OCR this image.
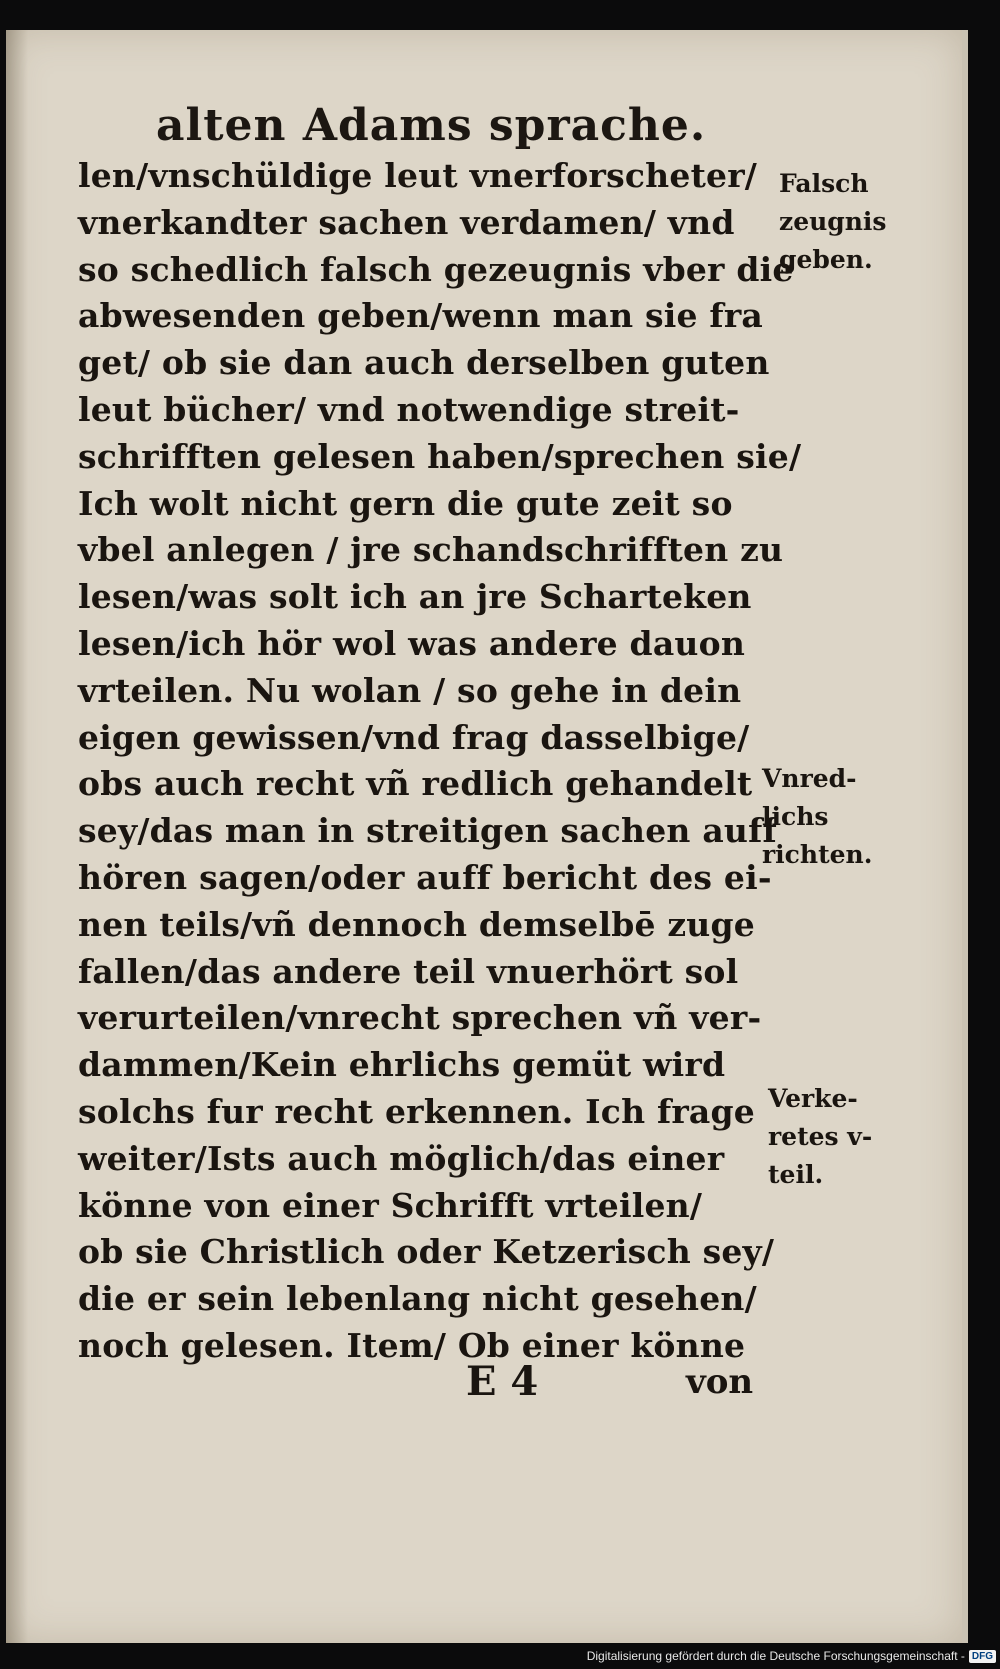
alten Adams sprache.
len/vnschüldige leut vnerforscheter/
vnerkandter sachen verdamen/ vnd
so schedlich falsch gezeugnis vber die
abwesenden geben/wenn man sie fra
get/ ob sie dan auch derselben guten
leut bücher/ vnd notwendige streit-
schrifften gelesen haben/sprechen sie/
Ich wolt nicht gern die gute zeit so
vbel anlegen / jre schandschrifften zu
lesen/was solt ich an jre Scharteken
lesen/ich hör wol was andere dauon
vrteilen. Nu wolan / so gehe in dein
eigen gewissen/vnd frag dasselbige/
obs auch recht vñ redlich gehandelt
sey/das man in streitigen sachen auff
hören sagen/oder auff bericht des ei-
nen teils/vñ dennoch demselbē zuge
fallen/das andere teil vnuerhört sol
verurteilen/vnrecht sprechen vñ ver-
dammen/Kein ehrlichs gemüt wird
solchs fur recht erkennen. Ich frage
weiter/Ists auch möglich/das einer
könne von einer Schrifft vrteilen/
ob sie Christlich oder Ketzerisch sey/
die er sein lebenlang nicht gesehen/
noch gelesen. Item/ Ob einer könne
Falsch
zeugnis
geben.
Vnred-
lichs
richten.
Verke-
retes v-
teil.
E 4	von
Digitalisierung gefördert durch die Deutsche Forschungsgemeinschaft - DFG
